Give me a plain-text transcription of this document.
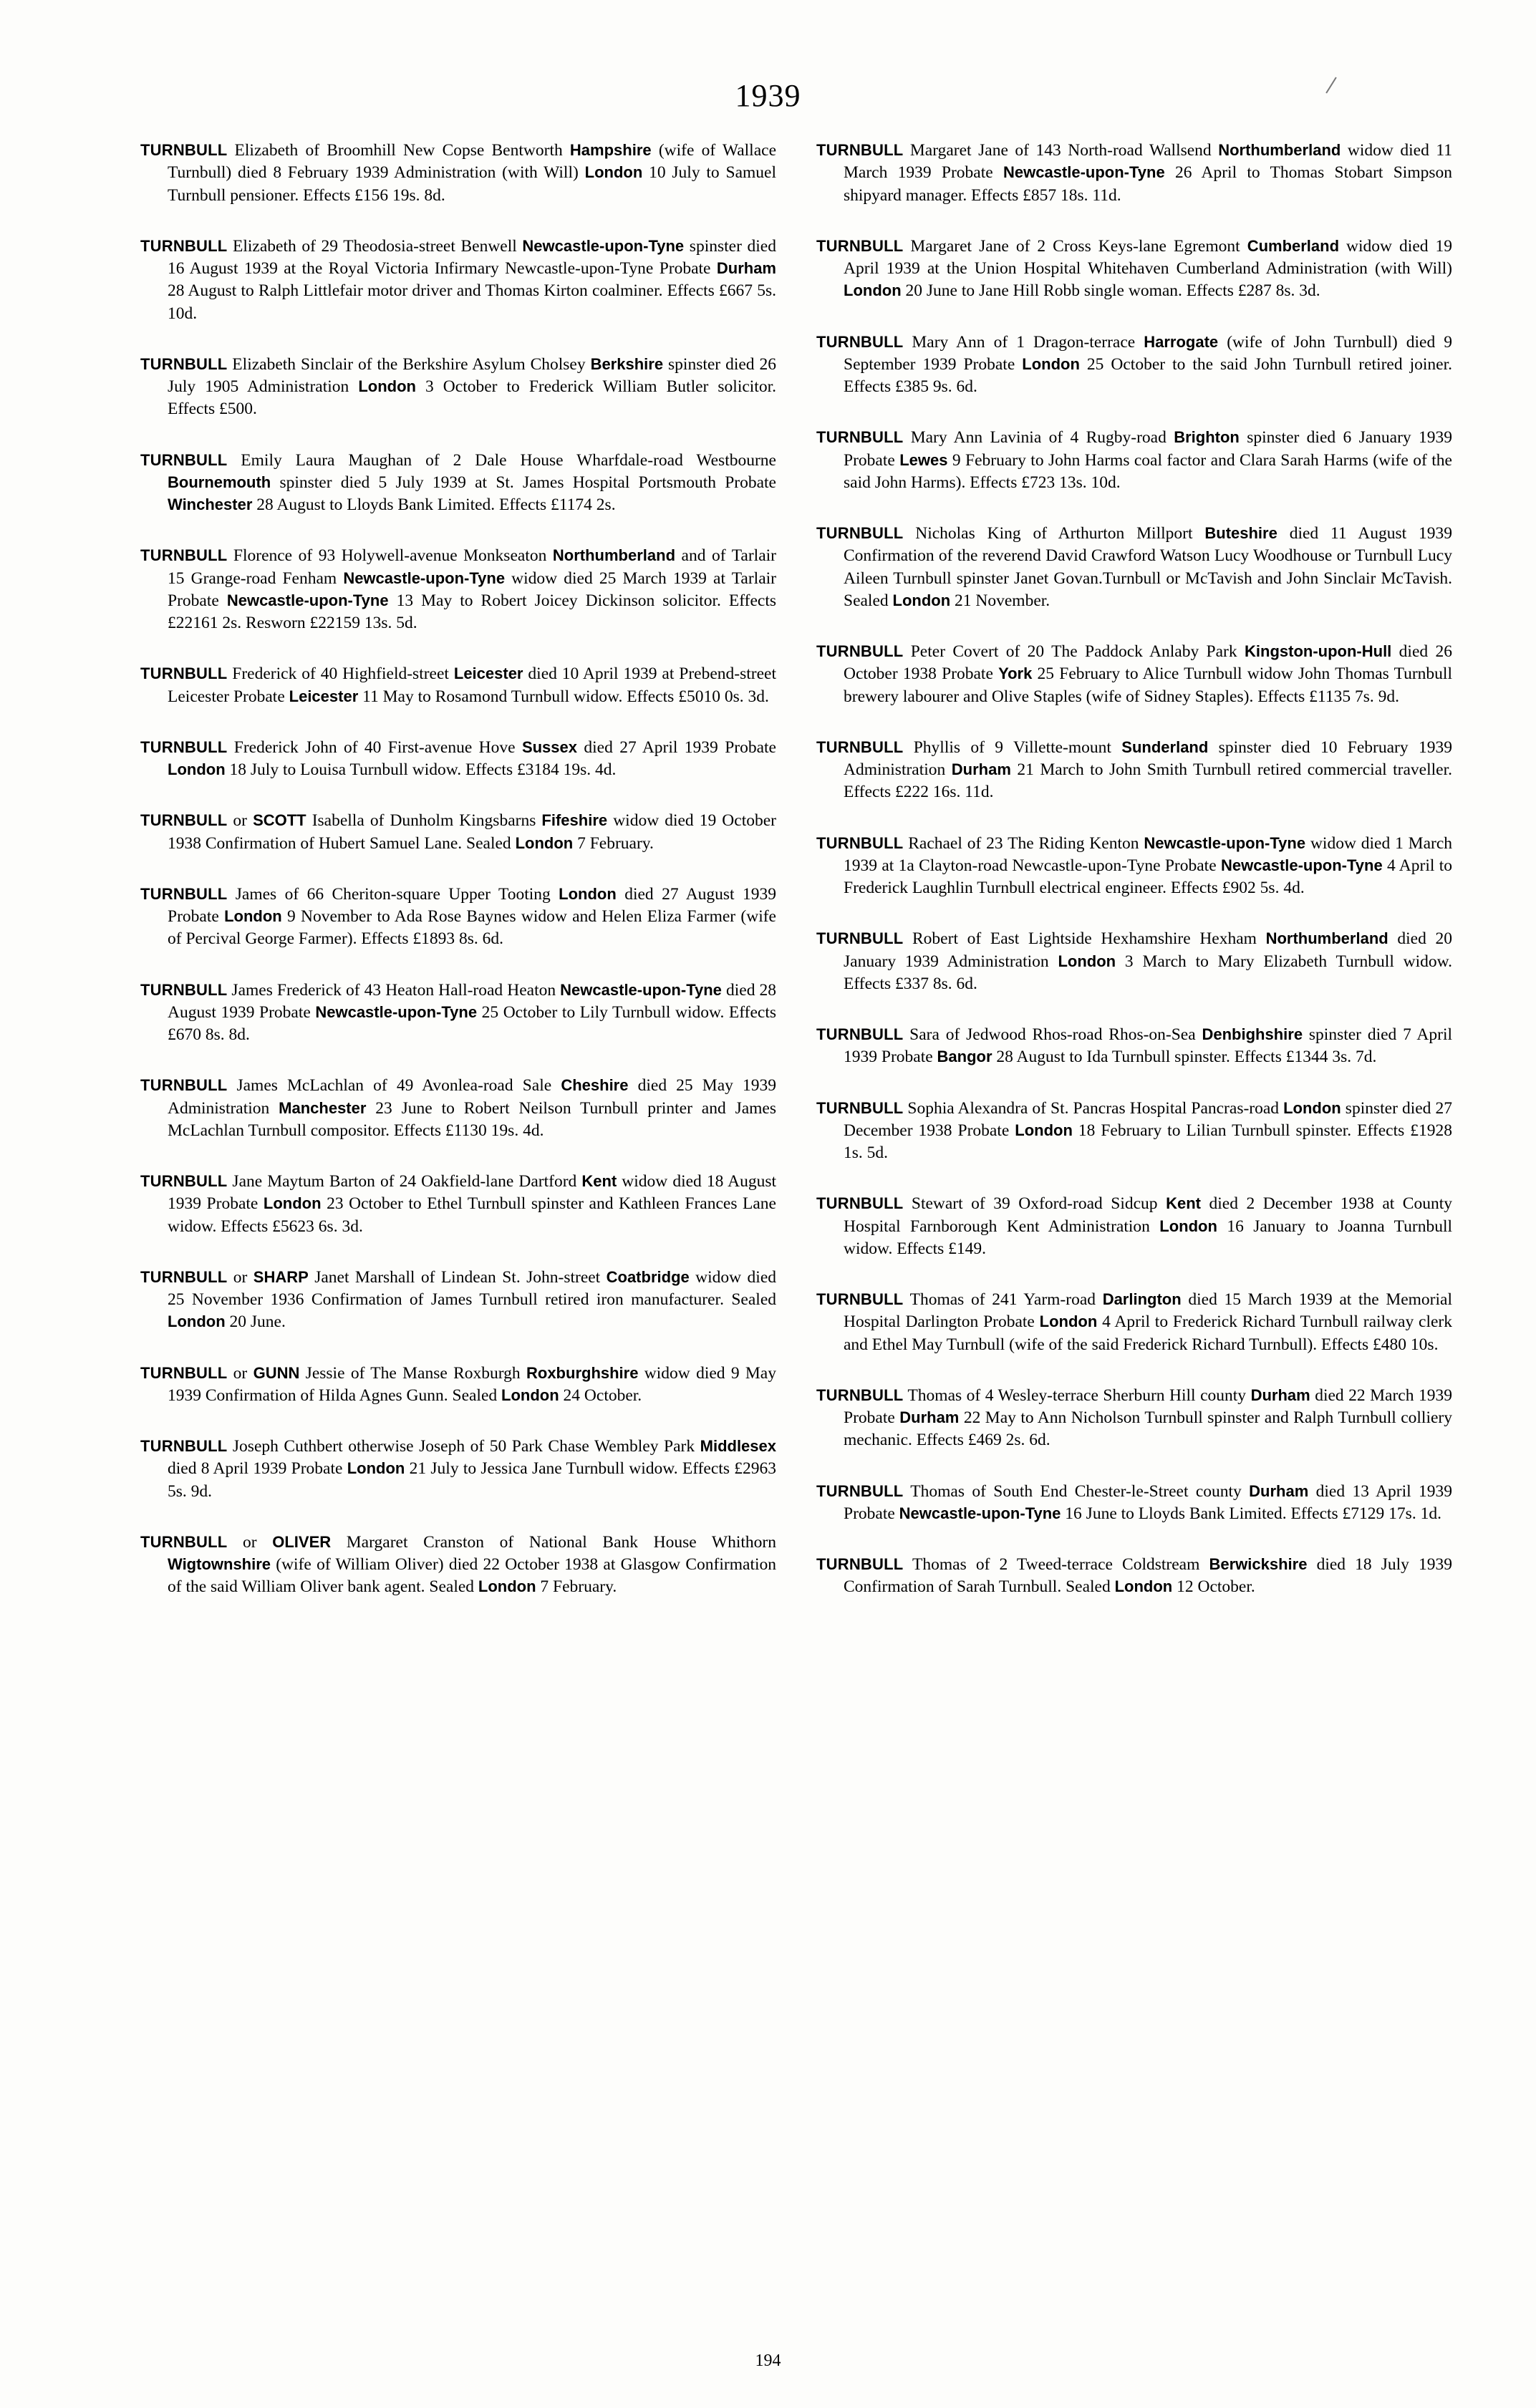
1939
TURNBULL Elizabeth of Broomhill New Copse Bentworth Hampshire (wife of Wallace Turnbull) died 8 February 1939 Administration (with Will) London 10 July to Samuel Turnbull pensioner. Effects £156 19s. 8d.
TURNBULL Elizabeth of 29 Theodosia-street Benwell Newcastle-upon-Tyne spinster died 16 August 1939 at the Royal Victoria Infirmary Newcastle-upon-Tyne Probate Durham 28 August to Ralph Littlefair motor driver and Thomas Kirton coalminer. Effects £667 5s. 10d.
TURNBULL Elizabeth Sinclair of the Berkshire Asylum Cholsey Berkshire spinster died 26 July 1905 Administration London 3 October to Frederick William Butler solicitor. Effects £500.
TURNBULL Emily Laura Maughan of 2 Dale House Wharfdale-road Westbourne Bournemouth spinster died 5 July 1939 at St. James Hospital Portsmouth Probate Winchester 28 August to Lloyds Bank Limited. Effects £1174 2s.
TURNBULL Florence of 93 Holywell-avenue Monkseaton Northumberland and of Tarlair 15 Grange-road Fenham Newcastle-upon-Tyne widow died 25 March 1939 at Tarlair Probate Newcastle-upon-Tyne 13 May to Robert Joicey Dickinson solicitor. Effects £22161 2s. Resworn £22159 13s. 5d.
TURNBULL Frederick of 40 Highfield-street Leicester died 10 April 1939 at Prebend-street Leicester Probate Leicester 11 May to Rosamond Turnbull widow. Effects £5010 0s. 3d.
TURNBULL Frederick John of 40 First-avenue Hove Sussex died 27 April 1939 Probate London 18 July to Louisa Turnbull widow. Effects £3184 19s. 4d.
TURNBULL or SCOTT Isabella of Dunholm Kingsbarns Fifeshire widow died 19 October 1938 Confirmation of Hubert Samuel Lane. Sealed London 7 February.
TURNBULL James of 66 Cheriton-square Upper Tooting London died 27 August 1939 Probate London 9 November to Ada Rose Baynes widow and Helen Eliza Farmer (wife of Percival George Farmer). Effects £1893 8s. 6d.
TURNBULL James Frederick of 43 Heaton Hall-road Heaton Newcastle-upon-Tyne died 28 August 1939 Probate Newcastle-upon-Tyne 25 October to Lily Turnbull widow. Effects £670 8s. 8d.
TURNBULL James McLachlan of 49 Avonlea-road Sale Cheshire died 25 May 1939 Administration Manchester 23 June to Robert Neilson Turnbull printer and James McLachlan Turnbull compositor. Effects £1130 19s. 4d.
TURNBULL Jane Maytum Barton of 24 Oakfield-lane Dartford Kent widow died 18 August 1939 Probate London 23 October to Ethel Turnbull spinster and Kathleen Frances Lane widow. Effects £5623 6s. 3d.
TURNBULL or SHARP Janet Marshall of Lindean St. John-street Coatbridge widow died 25 November 1936 Confirmation of James Turnbull retired iron manufacturer. Sealed London 20 June.
TURNBULL or GUNN Jessie of The Manse Roxburgh Roxburghshire widow died 9 May 1939 Confirmation of Hilda Agnes Gunn. Sealed London 24 October.
TURNBULL Joseph Cuthbert otherwise Joseph of 50 Park Chase Wembley Park Middlesex died 8 April 1939 Probate London 21 July to Jessica Jane Turnbull widow. Effects £2963 5s. 9d.
TURNBULL or OLIVER Margaret Cranston of National Bank House Whithorn Wigtownshire (wife of William Oliver) died 22 October 1938 at Glasgow Confirmation of the said William Oliver bank agent. Sealed London 7 February.
TURNBULL Margaret Jane of 143 North-road Wallsend Northumberland widow died 11 March 1939 Probate Newcastle-upon-Tyne 26 April to Thomas Stobart Simpson shipyard manager. Effects £857 18s. 11d.
TURNBULL Margaret Jane of 2 Cross Keys-lane Egremont Cumberland widow died 19 April 1939 at the Union Hospital Whitehaven Cumberland Administration (with Will) London 20 June to Jane Hill Robb single woman. Effects £287 8s. 3d.
TURNBULL Mary Ann of 1 Dragon-terrace Harrogate (wife of John Turnbull) died 9 September 1939 Probate London 25 October to the said John Turnbull retired joiner. Effects £385 9s. 6d.
TURNBULL Mary Ann Lavinia of 4 Rugby-road Brighton spinster died 6 January 1939 Probate Lewes 9 February to John Harms coal factor and Clara Sarah Harms (wife of the said John Harms). Effects £723 13s. 10d.
TURNBULL Nicholas King of Arthurton Millport Buteshire died 11 August 1939 Confirmation of the reverend David Crawford Watson Lucy Woodhouse or Turnbull Lucy Aileen Turnbull spinster Janet Govan.Turnbull or McTavish and John Sinclair McTavish. Sealed London 21 November.
TURNBULL Peter Covert of 20 The Paddock Anlaby Park Kingston-upon-Hull died 26 October 1938 Probate York 25 February to Alice Turnbull widow John Thomas Turnbull brewery labourer and Olive Staples (wife of Sidney Staples). Effects £1135 7s. 9d.
TURNBULL Phyllis of 9 Villette-mount Sunderland spinster died 10 February 1939 Administration Durham 21 March to John Smith Turnbull retired commercial traveller. Effects £222 16s. 11d.
TURNBULL Rachael of 23 The Riding Kenton Newcastle-upon-Tyne widow died 1 March 1939 at 1a Clayton-road Newcastle-upon-Tyne Probate Newcastle-upon-Tyne 4 April to Frederick Laughlin Turnbull electrical engineer. Effects £902 5s. 4d.
TURNBULL Robert of East Lightside Hexhamshire Hexham Northumberland died 20 January 1939 Administration London 3 March to Mary Elizabeth Turnbull widow. Effects £337 8s. 6d.
TURNBULL Sara of Jedwood Rhos-road Rhos-on-Sea Denbighshire spinster died 7 April 1939 Probate Bangor 28 August to Ida Turnbull spinster. Effects £1344 3s. 7d.
TURNBULL Sophia Alexandra of St. Pancras Hospital Pancras-road London spinster died 27 December 1938 Probate London 18 February to Lilian Turnbull spinster. Effects £1928 1s. 5d.
TURNBULL Stewart of 39 Oxford-road Sidcup Kent died 2 December 1938 at County Hospital Farnborough Kent Administration London 16 January to Joanna Turnbull widow. Effects £149.
TURNBULL Thomas of 241 Yarm-road Darlington died 15 March 1939 at the Memorial Hospital Darlington Probate London 4 April to Frederick Richard Turnbull railway clerk and Ethel May Turnbull (wife of the said Frederick Richard Turnbull). Effects £480 10s.
TURNBULL Thomas of 4 Wesley-terrace Sherburn Hill county Durham died 22 March 1939 Probate Durham 22 May to Ann Nicholson Turnbull spinster and Ralph Turnbull colliery mechanic. Effects £469 2s. 6d.
TURNBULL Thomas of South End Chester-le-Street county Durham died 13 April 1939 Probate Newcastle-upon-Tyne 16 June to Lloyds Bank Limited. Effects £7129 17s. 1d.
TURNBULL Thomas of 2 Tweed-terrace Coldstream Berwickshire died 18 July 1939 Confirmation of Sarah Turnbull. Sealed London 12 October.
194
